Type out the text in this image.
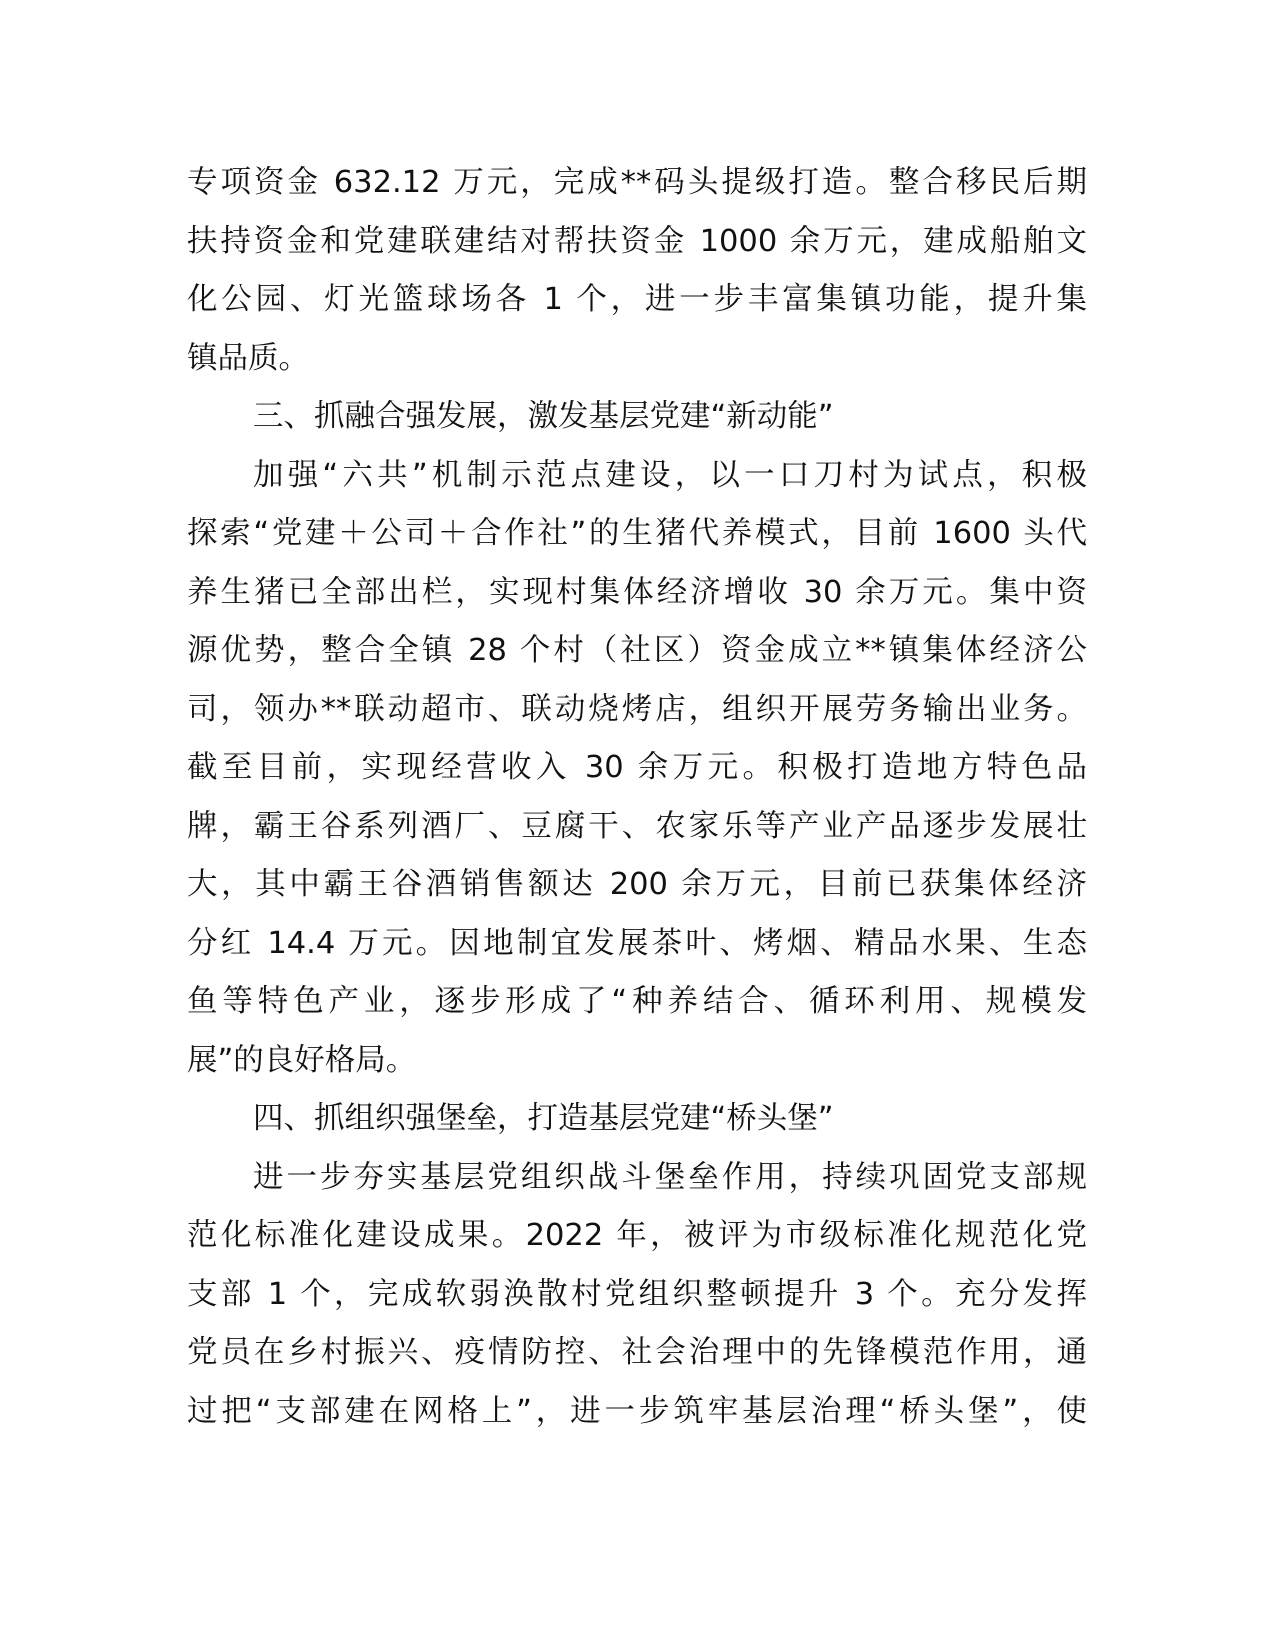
专项资金 632.12 万元，完成**码头提级打造。整合移民后期
扶持资金和党建联建结对帮扶资金 1000 余万元，建成船舶文
化公园、灯光篮球场各 1 个，进一步丰富集镇功能，提升集
镇品质。
三、抓融合强发展，激发基层党建“新动能”
加强“六共”机制示范点建设，以一口刀村为试点，积极
探索“党建＋公司＋合作社”的生猪代养模式，目前 1600 头代
养生猪已全部出栏，实现村集体经济增收 30 余万元。集中资
源优势，整合全镇 28 个村（社区）资金成立**镇集体经济公
司，领办**联动超市、联动烧烤店，组织开展劳务输出业务。
截至目前，实现经营收入 30 余万元。积极打造地方特色品
牌，霸王谷系列酒厂、豆腐干、农家乐等产业产品逐步发展壮
大，其中霸王谷酒销售额达 200 余万元，目前已获集体经济
分红 14.4 万元。因地制宜发展茶叶、烤烟、精品水果、生态
鱼等特色产业，逐步形成了“种养结合、循环利用、规模发
展”的良好格局。
四、抓组织强堡垒，打造基层党建“桥头堡”
进一步夯实基层党组织战斗堡垒作用，持续巩固党支部规
范化标准化建设成果。2022 年，被评为市级标准化规范化党
支部 1 个，完成软弱涣散村党组织整顿提升 3 个。充分发挥
党员在乡村振兴、疫情防控、社会治理中的先锋模范作用，通
过把“支部建在网格上”，进一步筑牢基层治理“桥头堡”，使
